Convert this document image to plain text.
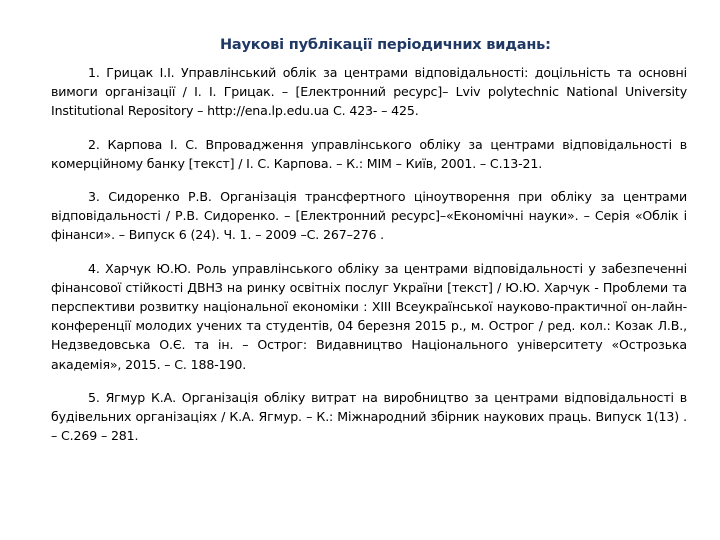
Наукові публікації періодичних видань:

1. Грицак І.І. Управлінський облік за центрами відповідальності: доцільність та основні вимоги організації / І. І. Грицак. – [Електронний ресурс]– Lviv polytechnic National University Institutional Repository – http://ena.lp.edu.ua С. 423- – 425.

2. Карпова І. С. Впровадження управлінського обліку за центрами відповідальності в комерційному банку [текст] / І. С. Карпова. – К.: МІМ – Київ, 2001. – С.13-21.

3. Сидоренко Р.В. Організація трансфертного ціноутворення при обліку за центрами відповідальності / Р.В. Сидоренко. – [Електронний ресурс]–«Економічні науки». – Серія «Облік і фінанси». – Випуск 6 (24). Ч. 1. – 2009 –С. 267–276 .

4. Харчук Ю.Ю. Роль управлінського обліку за центрами відповідальності у забезпеченні фінансової стійкості ДВНЗ на ринку освітніх послуг України [текст] / Ю.Ю. Харчук - Проблеми та перспективи розвитку національної економіки : ХІІІ Всеукраїнської науково-практичної он-лайн-конференції молодих учених та студентів, 04 березня 2015 р., м. Острог / ред. кол.: Козак Л.В., Недзведовська О.Є. та ін. – Острог: Видавництво Національного університету «Острозька академія», 2015. – С. 188-190.

5. Ягмур К.А. Організація обліку витрат на виробництво за центрами відповідальності в будівельних організаціях / К.А. Ягмур. – К.: Міжнародний збірник наукових праць. Випуск 1(13) . – С.269 – 281.
